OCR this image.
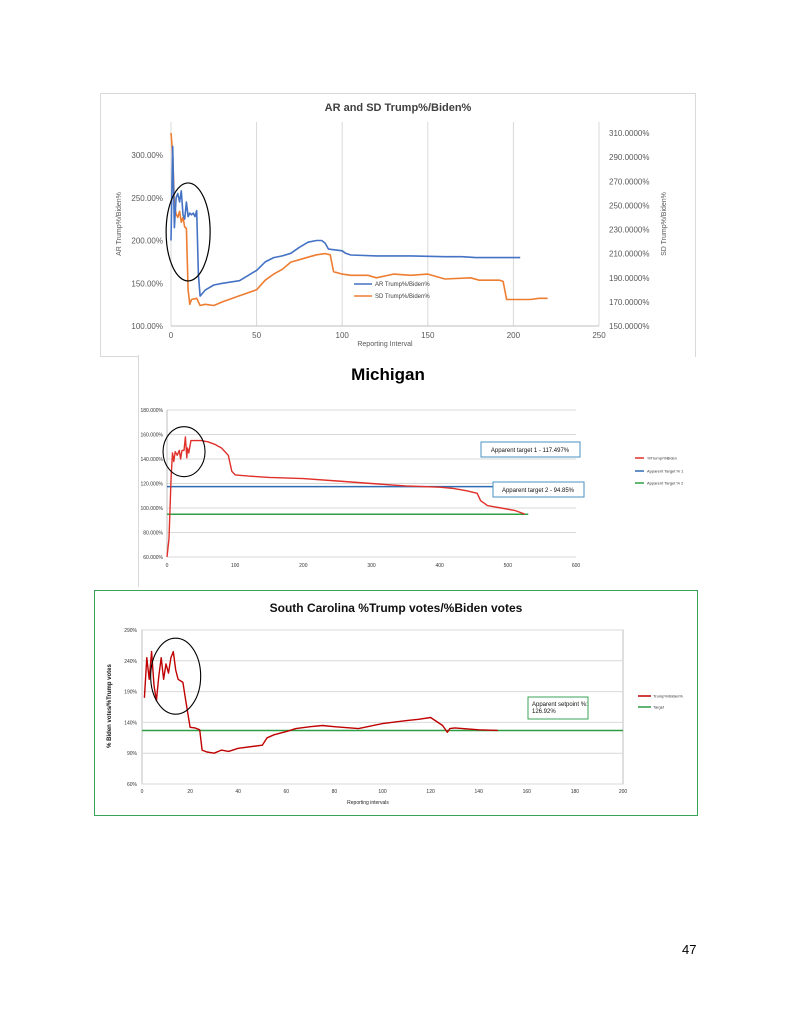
AR and SD Trump%/Biden%
0	50	100	150	200	250
100.00%
150.00%
200.00%
250.00%
300.00%
150.0000%
170.0000%
190.0000%
210.0000%
230.0000%
250.0000%
270.0000%
290.0000%
310.0000%
Reporting Interval
AR Trump%/Biden%	SD Trump%/Biden%
AR Trump%/Biden%
SD Trump%/Biden%
Michigan
60.000%
80.000%
100.000%
120.000%
140.000%
160.000%
180.000%
0	100	200	300	400	500	600
Apparent target 1 - 117.497%
Apparent target 2 - 94.85%
%Trump/%Biden
Apparent Target % 1
Apparent Target % 2
South Carolina %Trump votes/%Biden votes
60%
90%
140%
190%
240%
290%
0	20	40	60	80	100	120	140	160	180	200
Reporting intervals
% Biden votes/%Trump votes	Apparent setpoint %: 126.92%
Trump%/Biden%
Target
47
